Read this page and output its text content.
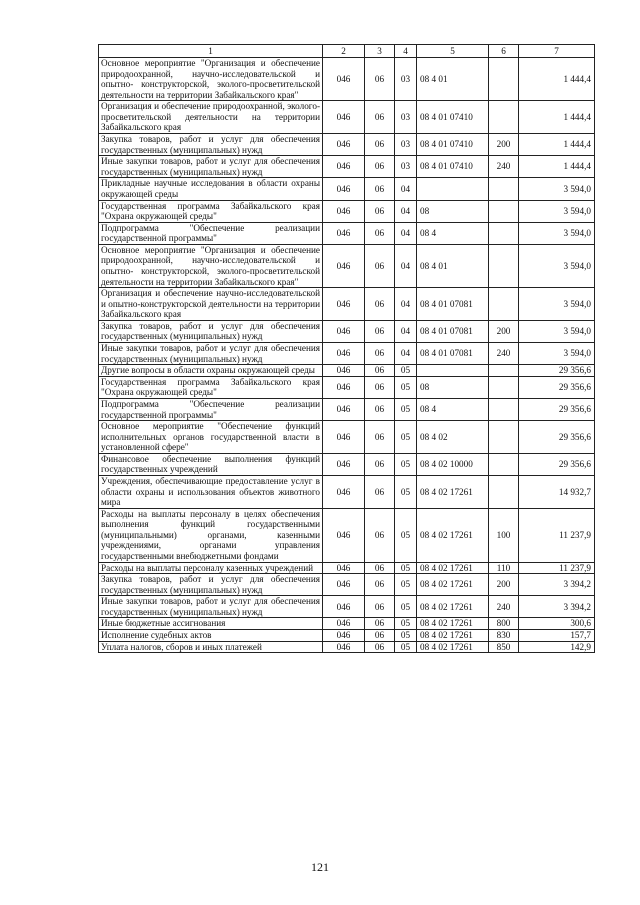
1	2	3	4	5	6	7
Основное мероприятие "Организация и обеспечение природоохранной, научно-исследовательской и опытно- конструкторской, эколого-просветительской деятельности на территории Забайкальского края"	046	06	03	08 4 01		1 444,4
Организация и обеспечение природоохранной, эколого-просветительской деятельности на территории Забайкальского края	046	06	03	08 4 01 07410		1 444,4
Закупка товаров, работ и услуг для обеспечения государственных (муниципальных) нужд	046	06	03	08 4 01 07410	200	1 444,4
Иные закупки товаров, работ и услуг для обеспечения государственных (муниципальных) нужд	046	06	03	08 4 01 07410	240	1 444,4
Прикладные научные исследования в области охраны окружающей среды	046	06	04			3 594,0
Государственная программа Забайкальского края "Охрана окружающей среды"	046	06	04	08		3 594,0
Подпрограмма "Обеспечение реализации государственной программы"	046	06	04	08 4		3 594,0
Основное мероприятие "Организация и обеспечение природоохранной, научно-исследовательской и опытно- конструкторской, эколого-просветительской деятельности на территории Забайкальского края"	046	06	04	08 4 01		3 594,0
Организация и обеспечение научно-исследовательской и опытно-конструкторской деятельности на территории Забайкальского края	046	06	04	08 4 01 07081		3 594,0
Закупка товаров, работ и услуг для обеспечения государственных (муниципальных) нужд	046	06	04	08 4 01 07081	200	3 594,0
Иные закупки товаров, работ и услуг для обеспечения государственных (муниципальных) нужд	046	06	04	08 4 01 07081	240	3 594,0
Другие вопросы в области охраны окружающей среды	046	06	05			29 356,6
Государственная программа Забайкальского края "Охрана окружающей среды"	046	06	05	08		29 356,6
Подпрограмма "Обеспечение реализации государственной программы"	046	06	05	08 4		29 356,6
Основное мероприятие "Обеспечение функций исполнительных органов государственной власти в установленной сфере"	046	06	05	08 4 02		29 356,6
Финансовое обеспечение выполнения функций государственных учреждений	046	06	05	08 4 02 10000		29 356,6
Учреждения, обеспечивающие предоставление услуг в области охраны и использования объектов животного мира	046	06	05	08 4 02 17261		14 932,7
Расходы на выплаты персоналу в целях обеспечения выполнения функций государственными (муниципальными) органами, казенными учреждениями, органами управления государственными внебюджетными фондами	046	06	05	08 4 02 17261	100	11 237,9
Расходы на выплаты персоналу казенных учреждений	046	06	05	08 4 02 17261	110	11 237,9
Закупка товаров, работ и услуг для обеспечения государственных (муниципальных) нужд	046	06	05	08 4 02 17261	200	3 394,2
Иные закупки товаров, работ и услуг для обеспечения государственных (муниципальных) нужд	046	06	05	08 4 02 17261	240	3 394,2
Иные бюджетные ассигнования	046	06	05	08 4 02 17261	800	300,6
Исполнение судебных актов	046	06	05	08 4 02 17261	830	157,7
Уплата налогов, сборов и иных платежей	046	06	05	08 4 02 17261	850	142,9
121
